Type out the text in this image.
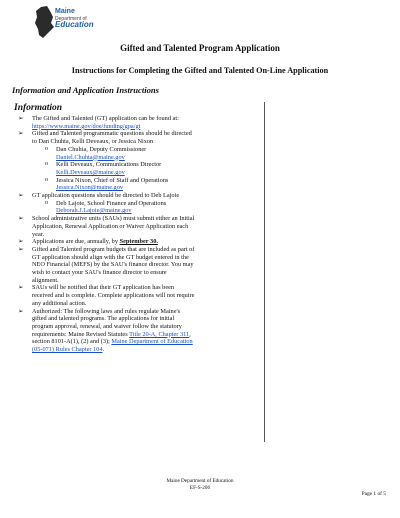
Maine
Department of
Education
Gifted and Talented Program Application
Instructions for Completing the Gifted and Talented On-Line Application
Information and Application Instructions
Information
➢ The Gifted and Talented (GT) application can be found at:
https://www.maine.gov/doe/funding/gpa/gt
➢ Gifted and Talented programmatic questions should be directed
to Dan Chuhta, Kelli Deveaux, or Jessica Nixon
o Dan Chuhta, Deputy Commissioner
Daniel.Chuhta@maine.gov
o Kelli Deveaux, Communications Director
Kelli.Deveaux@maine.gov
o Jessica Nixon, Chief of Staff and Operations
Jessica.Nixon@maine.gov
➢ GT application questions should be directed to Deb Lajoie
o Deb Lajoie, School Finance and Operations
Deborah.J.Lajoie@maine.gov
➢ School administrative units (SAUs) must submit either an Initial
Application, Renewal Application or Waiver Application each
year.
➢ Applications are due, annually, by September 30.
➢ Gifted and Talented program budgets that are included as part of
GT application should align with the GT budget entered in the
NEO Financial (MEFS) by the SAU's finance director. You may
wish to contact your SAU's finance director to ensure
alignment.
➢ SAUs will be notified that their GT application has been
received and is complete. Complete applications will not require
any additional action.
➢ Authorized: The following laws and rules regulate Maine's
gifted and talented programs. The applications for initial
program approval, renewal, and waiver follow the statutory
requirements: Maine Revised Statutes Title 20-A, Chapter 311,
section 8101-A(1), (2) and (3); Maine Department of Education
(05-071) Rules Chapter 104.
Maine Department of Education
EF-S-206
Page 1 of 5
